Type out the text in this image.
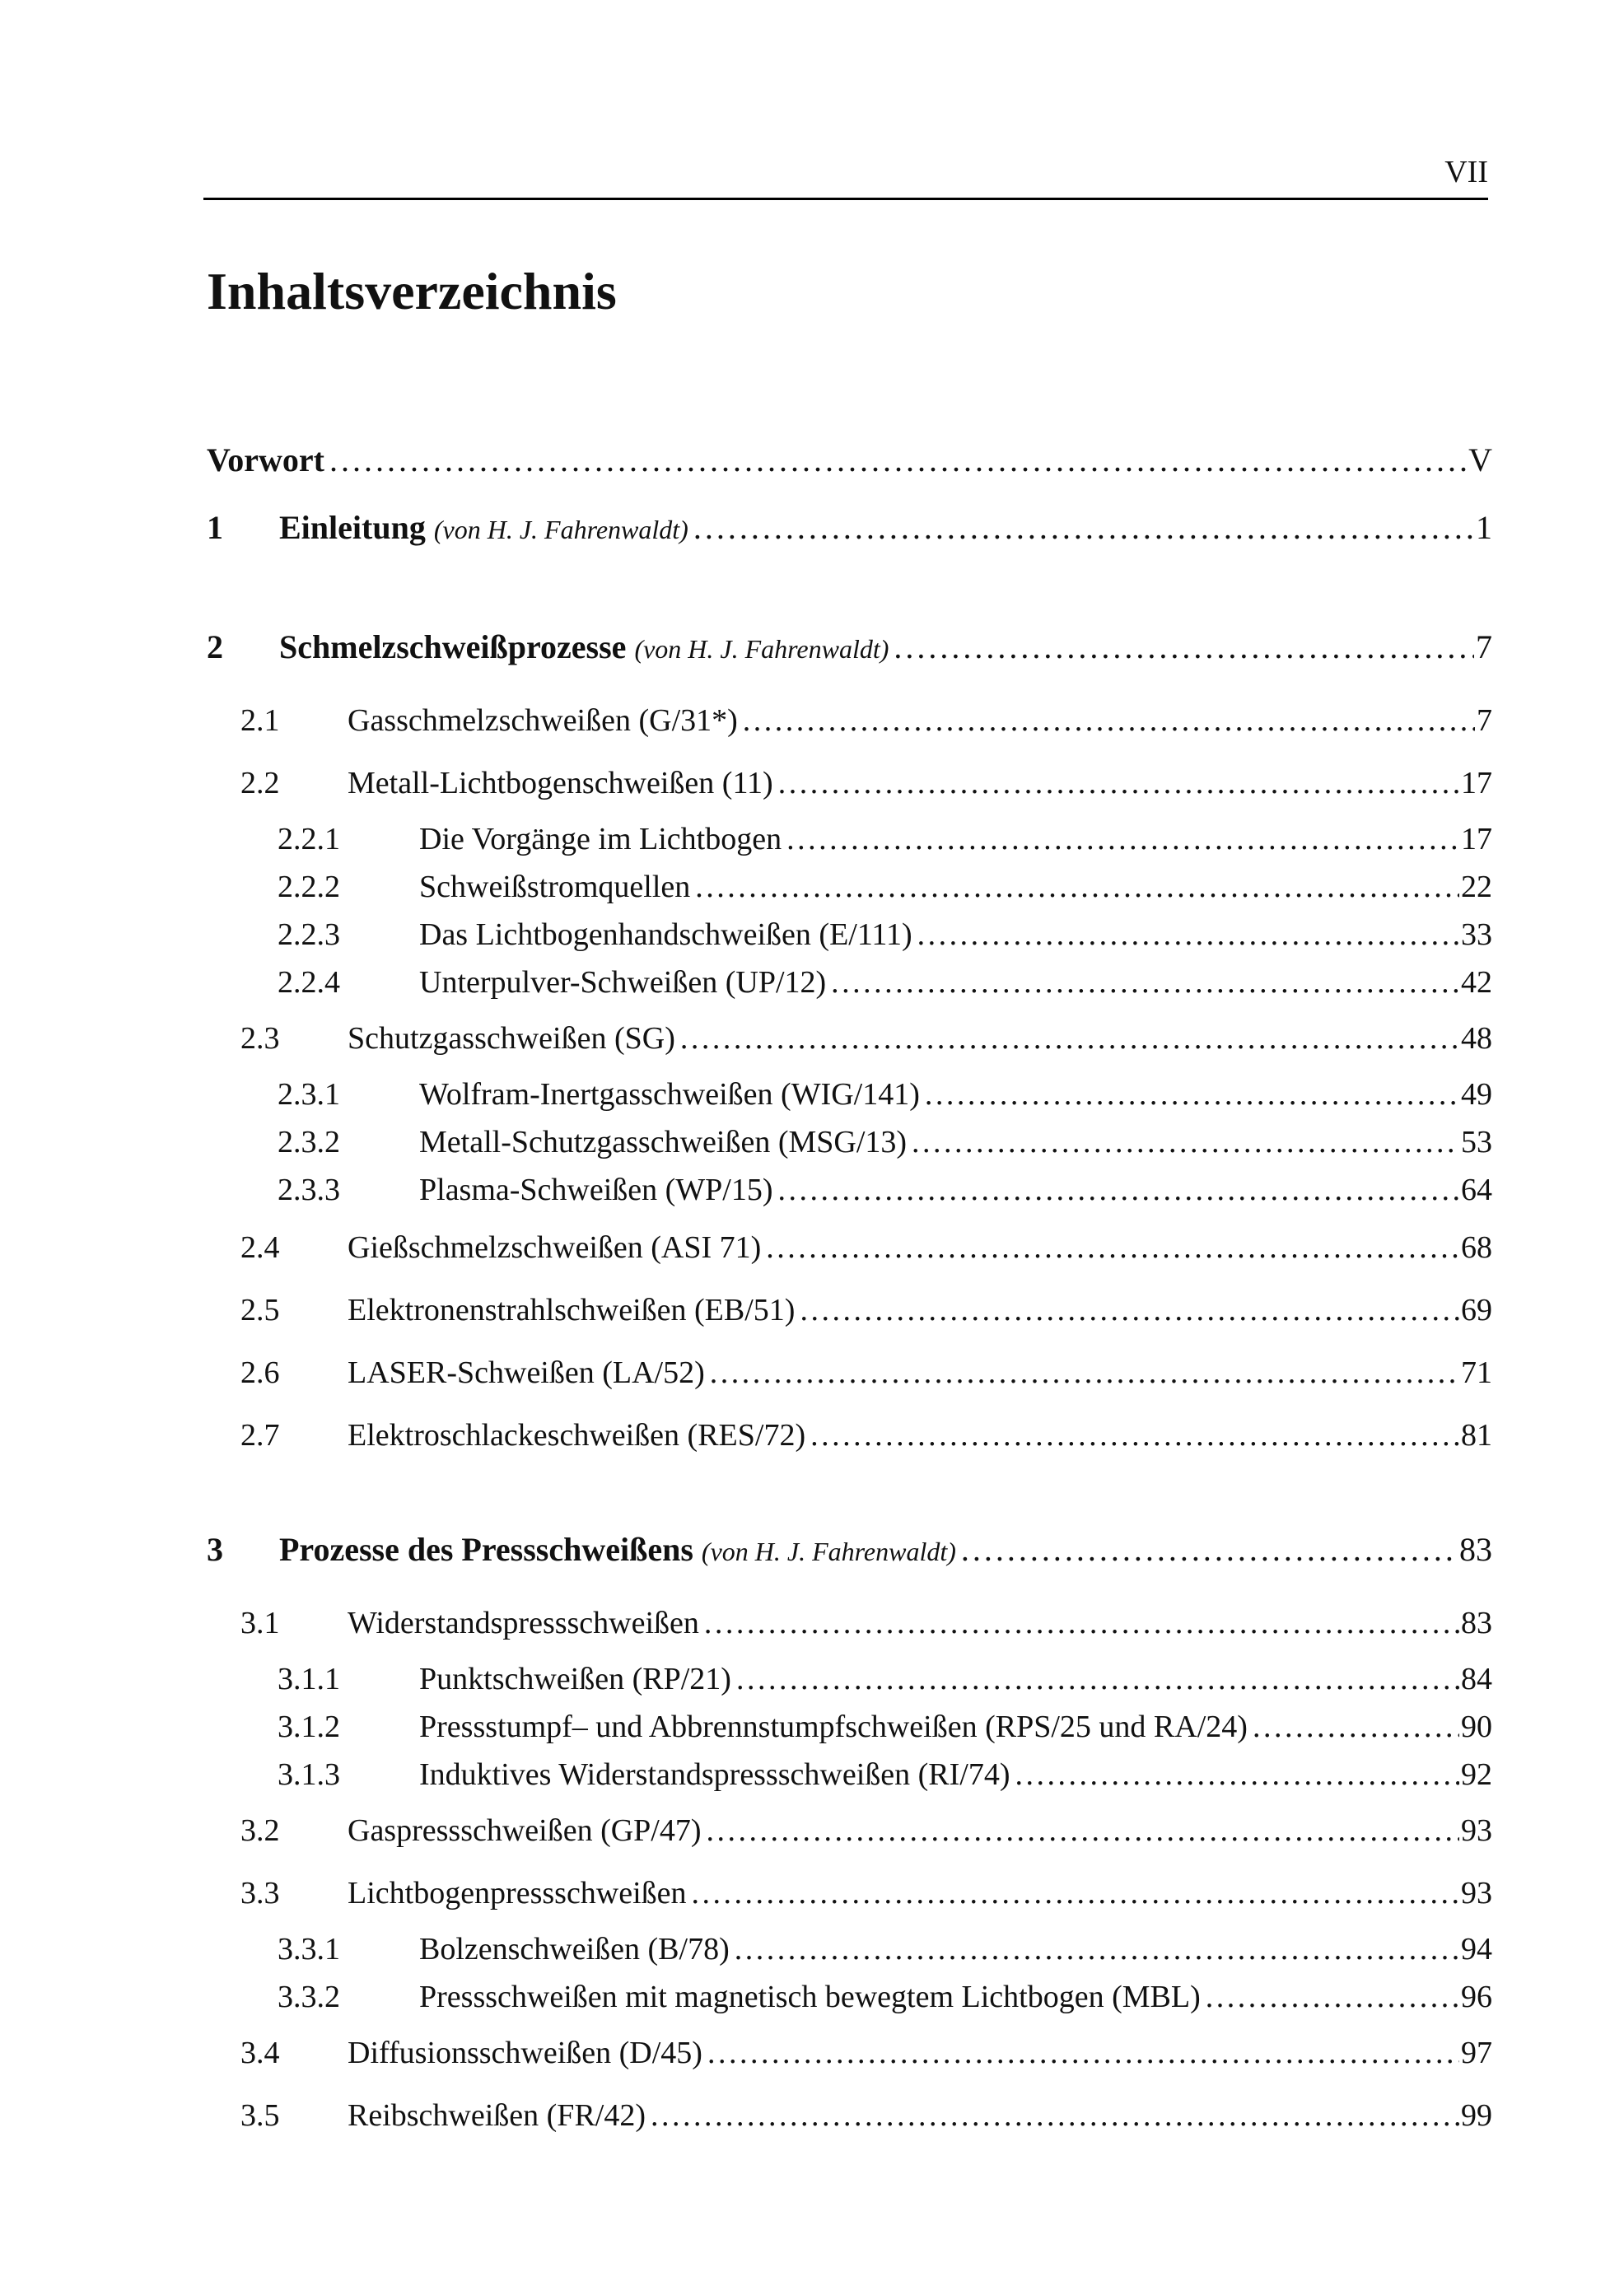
VII
Inhaltsverzeichnis
Vorwort . . .	V
1	Einleitung (von H. J. Fahrenwaldt) . . .	1
2	Schmelzschweißprozesse (von H. J. Fahrenwaldt) . . .	7
2.1	Gasschmelzschweißen (G/31*) . . .	7
2.2	Metall-Lichtbogenschweißen (11) . . .	17
2.2.1	Die Vorgänge im Lichtbogen . . .	17
2.2.2	Schweißstromquellen . . .	22
2.2.3	Das Lichtbogenhandschweißen (E/111) . . .	33
2.2.4	Unterpulver-Schweißen (UP/12) . . .	42
2.3	Schutzgasschweißen (SG) . . .	48
2.3.1	Wolfram-Inertgasschweißen (WIG/141) . . .	49
2.3.2	Metall-Schutzgasschweißen (MSG/13) . . .	53
2.3.3	Plasma-Schweißen (WP/15) . . .	64
2.4	Gießschmelzschweißen (ASI 71) . . .	68
2.5	Elektronenstrahlschweißen (EB/51) . . .	69
2.6	LASER-Schweißen (LA/52) . . .	71
2.7	Elektroschlackeschweißen (RES/72) . . .	81
3	Prozesse des Pressschweißens (von H. J. Fahrenwaldt) . . .	83
3.1	Widerstandspressschweißen . . .	83
3.1.1	Punktschweißen (RP/21) . . .	84
3.1.2	Pressstumpf– und Abbrennstumpfschweißen (RPS/25 und RA/24) . . .	90
3.1.3	Induktives Widerstandspressschweißen (RI/74) . . .	92
3.2	Gaspressschweißen (GP/47) . . .	93
3.3	Lichtbogenpressschweißen . . .	93
3.3.1	Bolzenschweißen (B/78) . . .	94
3.3.2	Pressschweißen mit magnetisch bewegtem Lichtbogen (MBL) . . .	96
3.4	Diffusionsschweißen (D/45) . . .	97
3.5	Reibschweißen (FR/42) . . .	99
